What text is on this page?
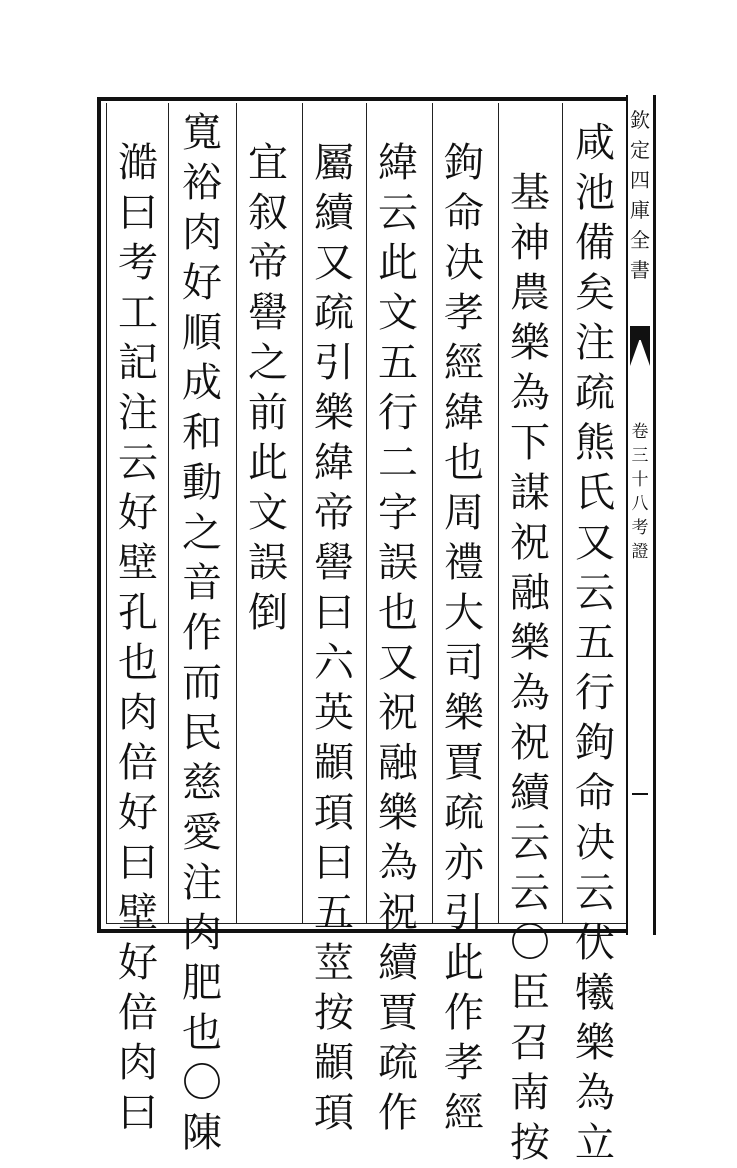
欽
定
四
庫
全
書
卷
三
十
八
考
證
咸
池
備
矣
注
疏
熊
氏
又
云
五
行
鉤
命
决
云
伏
犧
樂
為
立
基
神
農
樂
為
下
謀
祝
融
樂
為
祝
續
云
云
〇
臣
召
南
按
鉤
命
决
孝
經
緯
也
周
禮
大
司
樂
賈
疏
亦
引
此
作
孝
經
緯
云
此
文
五
行
二
字
誤
也
又
祝
融
樂
為
祝
續
賈
疏
作
屬
續
又
疏
引
樂
緯
帝
嚳
曰
六
英
顓
頊
曰
五
莖
按
顓
頊
宜
叙
帝
嚳
之
前
此
文
誤
倒
寬
裕
肉
好
順
成
和
動
之
音
作
而
民
慈
愛
注
肉
肥
也
〇
陳
澔
曰
考
工
記
注
云
好
壁
孔
也
肉
倍
好
曰
壁
好
倍
肉
曰
